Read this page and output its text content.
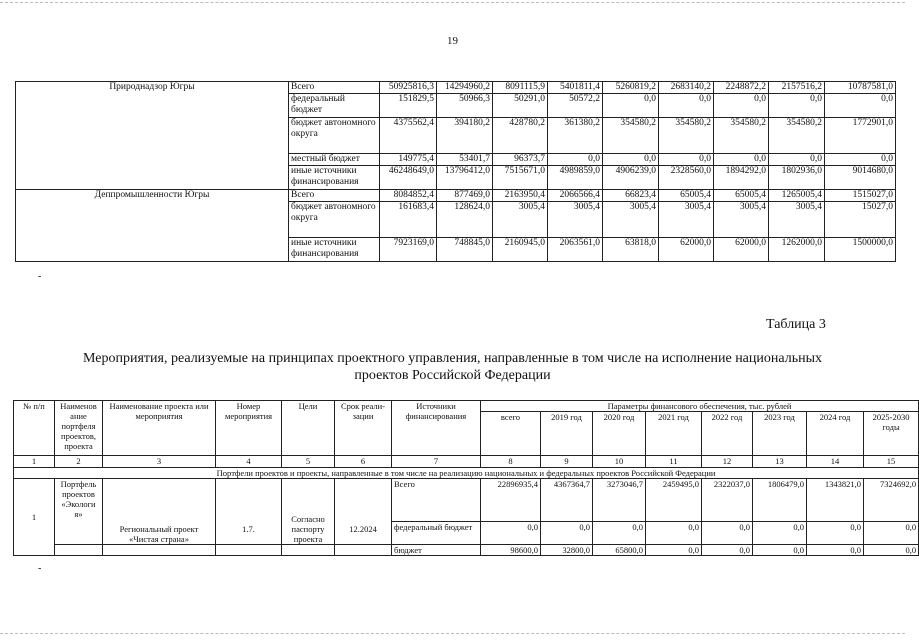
19
Природнадзор Югры	Всего	50925816,3	14294960,2	8091115,9	5401811,4	5260819,2	2683140,2	2248872,2	2157516,2	10787581,0
	федеральный бюджет	151829,5	50966,3	50291,0	50572,2	0,0	0,0	0,0	0,0	0,0
	бюджет автономного округа	4375562,4	394180,2	428780,2	361380,2	354580,2	354580,2	354580,2	354580,2	1772901,0
	местный бюджет	149775,4	53401,7	96373,7	0,0	0,0	0,0	0,0	0,0	0,0
	иные источники финансирования	46248649,0	13796412,0	7515671,0	4989859,0	4906239,0	2328560,0	1894292,0	1802936,0	9014680,0
Деппромышленности Югры	Всего	8084852,4	877469,0	2163950,4	2066566,4	66823,4	65005,4	65005,4	1265005,4	1515027,0
	бюджет автономного округа	161683,4	128624,0	3005,4	3005,4	3005,4	3005,4	3005,4	3005,4	15027,0
	иные источники финансирования	7923169,0	748845,0	2160945,0	2063561,0	63818,0	62000,0	62000,0	1262000,0	1500000,0
-
Таблица 3
Мероприятия, реализуемые на принципах проектного управления, направленные в том числе на исполнение национальных проектов Российской Федерации
№ п/п	Наименов ание портфеля проектов, проекта	Наименование проекта или мероприятия	Номер мероприятия	Цели	Срок реали- зации	Источники финансирования	Параметры финансового обеспечения, тыс. рублей							
							всего	2019 год	2020 год	2021 год	2022 год	2023 год	2024 год	2025-2030 годы
1	2	3	4	5	6	7	8	9	10	11	12	13	14	15
Портфели проектов и проекты, направленные в том числе на реализацию национальных и федеральных проектов Российской Федерации														
1	Портфель проектов «Экологи я»	Региональный проект «Чистая страна»	1.7.	Согласно паспорту проекта	12.2024	Всего	22896935,4	4367364,7	3273046,7	2459495,0	2322037,0	1806479,0	1343821,0	7324692,0
						федеральный бюджет	0,0	0,0	0,0	0,0	0,0	0,0	0,0	0,0
						бюджет	98600,0	32800,0	65800,0	0,0	0,0	0,0	0,0	0,0
-
